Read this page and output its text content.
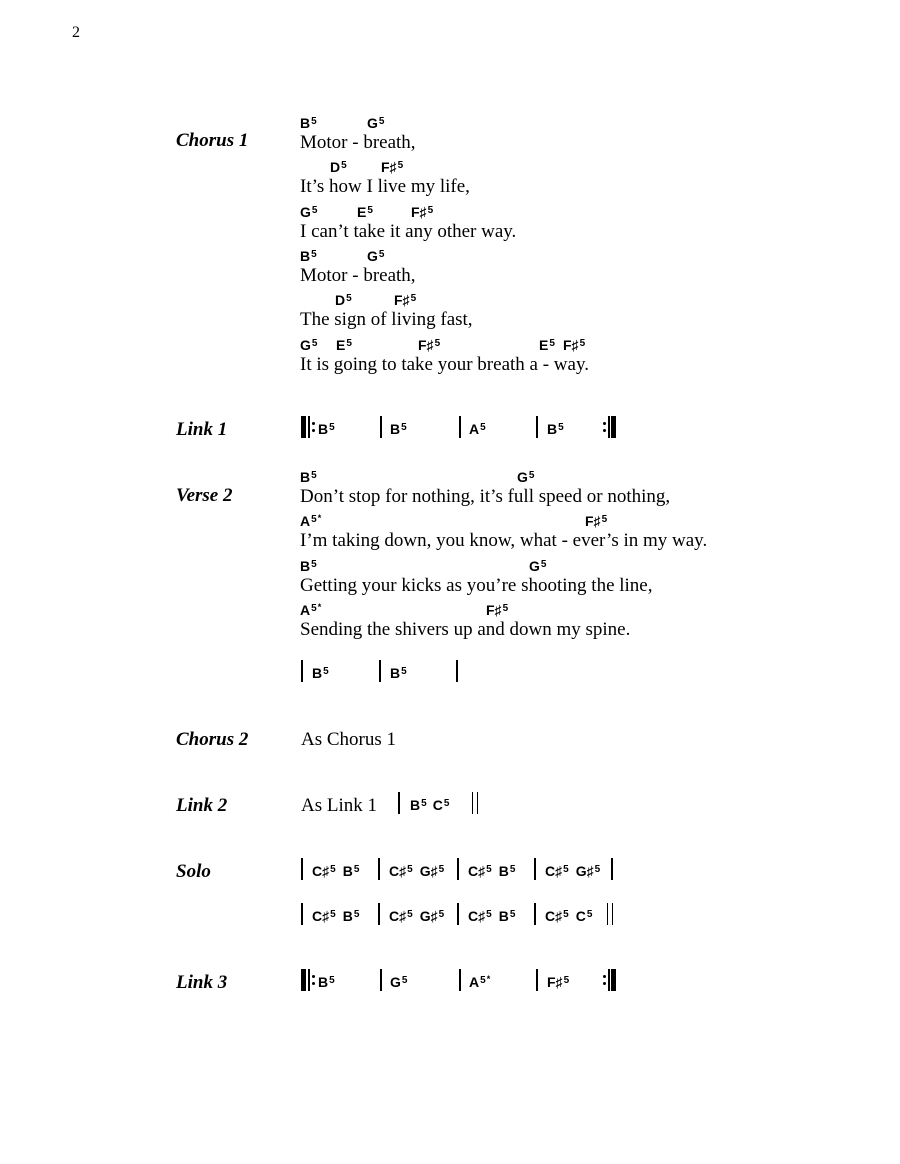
2
Chorus 1
$B^5$	$G^5$
Motor - breath,
$D^5$ F♯$^5$
It’s how I live my life,
$G^5$	$E^5$	F♯$^5$
I can’t take it any other way.
$B^5$	$G^5$
Motor - breath,
$D^5$	F♯$^5$
The sign of living fast,
$G^5$ $E^5$	F♯$^5$	$E^5$ F♯$^5$
It is going to take your breath a - way.
Link 1	$B^5$	$B^5$	$A^5$	$B^5$
Verse 2
$B^5$	$G^5$
Don’t stop for nothing, it’s full speed or nothing,
$A^{5*}$	F♯$^5$
I’m taking down, you know, what - ever’s in my way.
$B^5$	$G^5$
Getting your kicks as you’re shooting the line,
$A^{5*}$	F♯$^5$
Sending the shivers up and down my spine.
$B^5$	$B^5$
Chorus 2	As Chorus 1
Link 2	As Link 1 $B^5$ $C^5$
Solo	C♯$^5$ $B^5$ C♯$^5$ G♯$^5$ C♯$^5$ $B^5$ C♯$^5$ G♯$^5$
C♯$^5$ $B^5$ C♯$^5$ G♯$^5$ C♯$^5$ $B^5$ C♯$^5$ $C^5$
Link 3	$B^5$	$G^5$	$A^{5*}$	F♯$^5$
